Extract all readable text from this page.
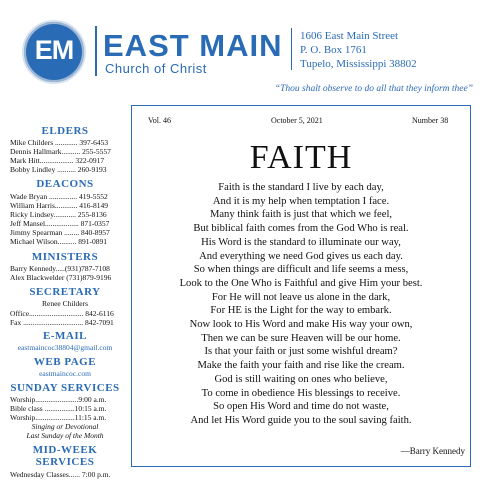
EM EAST MAIN
Church of Christ
1606 East Main Street
P. O. Box 1761
Tupelo, Mississippi 38802
“Thou shalt observe to do all that they inform thee”
ELDERS
Mike Childers ............ 397-6453
Dennis Hallmark.......... 255-5557
Mark Hitt.................. 322-0917
Bobby Lindley .......... 260-9193
DEACONS
Wade Bryan ............... 419-5552
William Harris............ 416-8149
Ricky Lindsey............ 255-8136
Jeff Mansel.................. 871-0357
Jimmy Spearman ........ 840-8957
Michael Wilson.......... 891-0891
MINISTERS
Barry Kennedy.....(931)787-7108
Alex Blackwelder (731)879-9196
SECRETARY
Renee Childers
Office............................. 842-6116
Fax ................................ 842-7091
E-MAIL
eastmaincoc38804@gmail.com
WEB PAGE
eastmaincoc.com
SUNDAY SERVICES
Worship.......................9:00 a.m.
Bible class ................10:15 a.m.
Worship.....................11:15 a.m.
Singing or Devotional
Last Sunday of the Month
MID-WEEK
SERVICES
Wednesday Classes...... 7:00 p.m.
Vol. 46	October 5, 2021	Number 38
FAITH
Faith is the standard I live by each day,
And it is my help when temptation I face.
Many think faith is just that which we feel,
But biblical faith comes from the God Who is real.
His Word is the standard to illuminate our way,
And everything we need God gives us each day.
So when things are difficult and life seems a mess,
Look to the One Who is Faithful and give Him your best.
For He will not leave us alone in the dark,
For HE is the Light for the way to embark.
Now look to His Word and make His way your own,
Then we can be sure Heaven will be our home.
Is that your faith or just some wishful dream?
Make the faith your faith and rise like the cream.
God is still waiting on ones who believe,
To come in obedience His blessings to receive.
So open His Word and time do not waste,
And let His Word guide you to the soul saving faith.
—Barry Kennedy
